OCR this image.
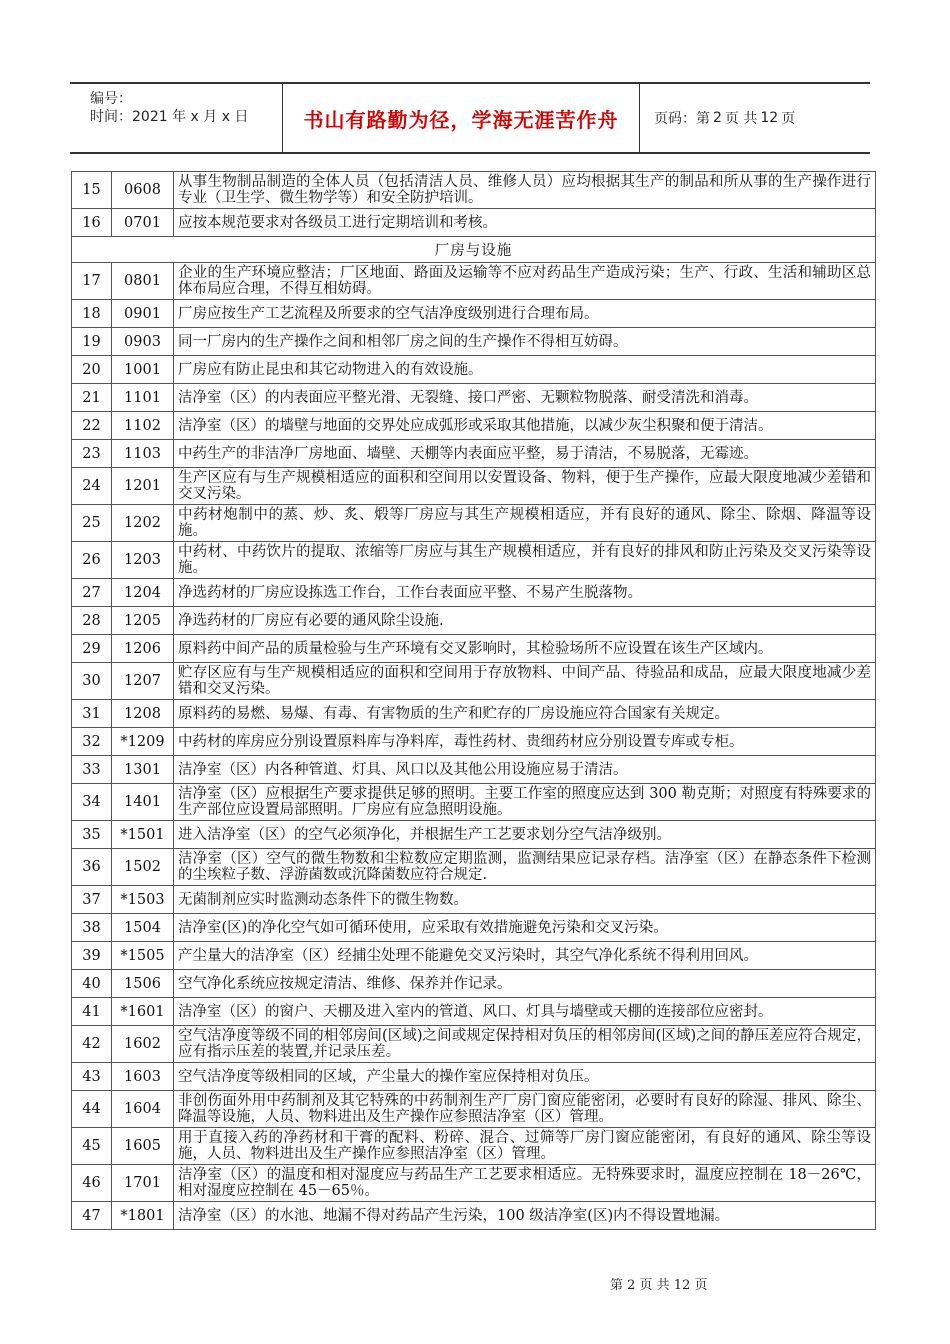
编号：
时间：2021 年 x 月 x 日	书山有路勤为径，学海无涯苦作舟	页码：第 2 页 共 12 页
15	0608	从事生物制品制造的全体人员（包括清洁人员、维修人员）应均根据其生产的制品和所从事的生产操作进行专业（卫生学、微生物学等）和安全防护培训。
16	0701	应按本规范要求对各级员工进行定期培训和考核。
厂房与设施		
17	0801	企业的生产环境应整洁；厂区地面、路面及运输等不应对药品生产造成污染；生产、行政、生活和辅助区总体布局应合理，不得互相妨碍。
18	0901	厂房应按生产工艺流程及所要求的空气洁净度级别进行合理布局。
19	0903	同一厂房内的生产操作之间和相邻厂房之间的生产操作不得相互妨碍。
20	1001	厂房应有防止昆虫和其它动物进入的有效设施。
21	1101	洁净室（区）的内表面应平整光滑、无裂缝、接口严密、无颗粒物脱落、耐受清洗和消毒。
22	1102	洁净室（区）的墙壁与地面的交界处应成弧形或采取其他措施，以减少灰尘积聚和便于清洁。
23	1103	中药生产的非洁净厂房地面、墙壁、天棚等内表面应平整，易于清洁，不易脱落，无霉迹。
24	1201	生产区应有与生产规模相适应的面积和空间用以安置设备、物料，便于生产操作，应最大限度地减少差错和交叉污染。
25	1202	中药材炮制中的蒸、炒、炙、煅等厂房应与其生产规模相适应，并有良好的通风、除尘、除烟、降温等设施。
26	1203	中药材、中药饮片的提取、浓缩等厂房应与其生产规模相适应，并有良好的排风和防止污染及交叉污染等设施。
27	1204	净选药材的厂房应设拣选工作台，工作台表面应平整、不易产生脱落物。
28	1205	净选药材的厂房应有必要的通风除尘设施.
29	1206	原料药中间产品的质量检验与生产环境有交叉影响时，其检验场所不应设置在该生产区域内。
30	1207	贮存区应有与生产规模相适应的面积和空间用于存放物料、中间产品、待验品和成品，应最大限度地减少差错和交叉污染。
31	1208	原料药的易燃、易爆、有毒、有害物质的生产和贮存的厂房设施应符合国家有关规定。
32	*1209	中药材的库房应分别设置原料库与净料库，毒性药材、贵细药材应分别设置专库或专柜。
33	1301	洁净室（区）内各种管道、灯具、风口以及其他公用设施应易于清洁。
34	1401	洁净室（区）应根据生产要求提供足够的照明。主要工作室的照度应达到 300 勒克斯；对照度有特殊要求的生产部位应设置局部照明。厂房应有应急照明设施。
35	*1501	进入洁净室（区）的空气必须净化，并根据生产工艺要求划分空气洁净级别。
36	1502	洁净室（区）空气的微生物数和尘粒数应定期监测，监测结果应记录存档。洁净室（区）在静态条件下检测的尘埃粒子数、浮游菌数或沉降菌数应符合规定.
37	*1503	无菌制剂应实时监测动态条件下的微生物数。
38	1504	洁净室(区)的净化空气如可循环使用，应采取有效措施避免污染和交叉污染。
39	*1505	产尘量大的洁净室（区）经捕尘处理不能避免交叉污染时，其空气净化系统不得利用回风。
40	1506	空气净化系统应按规定清洁、维修、保养并作记录。
41	*1601	洁净室（区）的窗户、天棚及进入室内的管道、风口、灯具与墙壁或天棚的连接部位应密封。
42	1602	空气洁净度等级不同的相邻房间(区域)之间或规定保持相对负压的相邻房间(区域)之间的静压差应符合规定，应有指示压差的装置,并记录压差。
43	1603	空气洁净度等级相同的区域，产尘量大的操作室应保持相对负压。
44	1604	非创伤面外用中药制剂及其它特殊的中药制剂生产厂房门窗应能密闭，必要时有良好的除湿、排风、除尘、降温等设施，人员、物料进出及生产操作应参照洁净室（区）管理。
45	1605	用于直接入药的净药材和干膏的配料、粉碎、混合、过筛等厂房门窗应能密闭，有良好的通风、除尘等设施，人员、物料进出及生产操作应参照洁净室（区）管理。
46	1701	洁净室（区）的温度和相对湿度应与药品生产工艺要求相适应。无特殊要求时，温度应控制在 18－26℃，相对湿度应控制在 45－65％。
47	*1801	洁净室（区）的水池、地漏不得对药品产生污染，100 级洁净室(区)内不得设置地漏。
第 2 页 共 12 页
